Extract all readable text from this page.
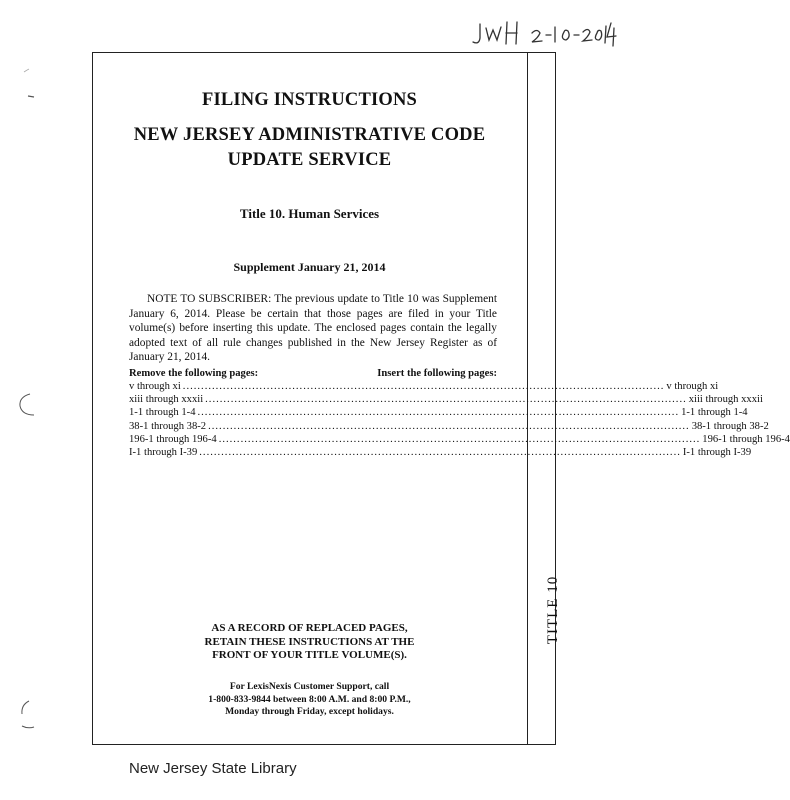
FILING INSTRUCTIONS
NEW JERSEY ADMINISTRATIVE CODE
UPDATE SERVICE
Title 10. Human Services
Supplement January 21, 2014

NOTE TO SUBSCRIBER: The previous update to Title 10 was Supplement January 6, 2014. Please be certain that those pages are filed in your Title volume(s) before inserting this update. The enclosed pages contain the legally adopted text of all rule changes published in the New Jersey Register as of January 21, 2014.

Remove the following pages:	Insert the following pages:
v through xi .................................................................................................................................... v through xi
xiii through xxxii .................................................................................................................................... xiii through xxxii
1-1 through 1-4 .................................................................................................................................... 1-1 through 1-4
38-1 through 38-2 .................................................................................................................................... 38-1 through 38-2
196-1 through 196-4 .................................................................................................................................... 196-1 through 196-4
I-1 through I-39 .................................................................................................................................... I-1 through I-39
AS A RECORD OF REPLACED PAGES,
RETAIN THESE INSTRUCTIONS AT THE
FRONT OF YOUR TITLE VOLUME(S).
For LexisNexis Customer Support, call
1-800-833-9844 between 8:00 A.M. and 8:00 P.M.,
Monday through Friday, except holidays.
TITLE 10
New Jersey State Library
